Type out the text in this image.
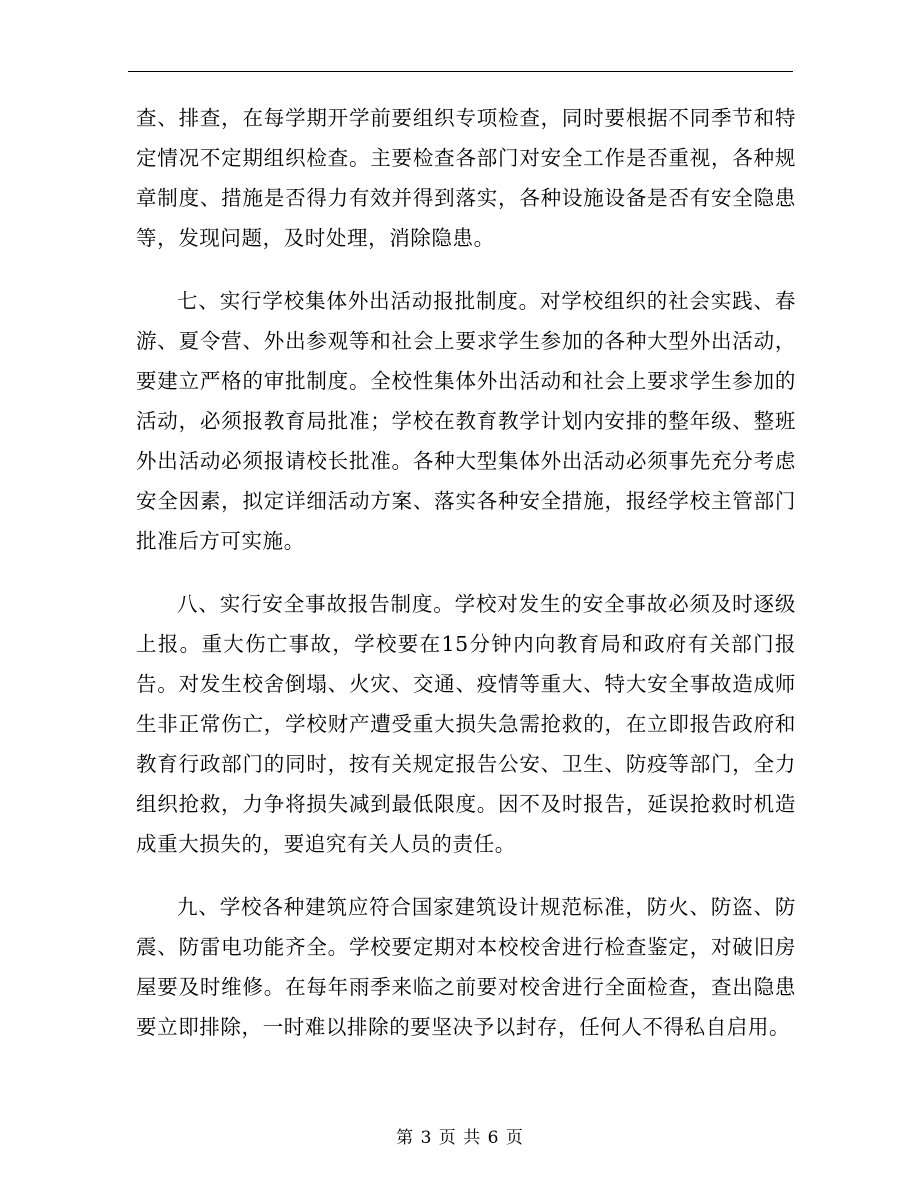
查、排查，在每学期开学前要组织专项检查，同时要根据不同季节和特定情况不定期组织检查。主要检查各部门对安全工作是否重视，各种规章制度、措施是否得力有效并得到落实，各种设施设备是否有安全隐患等，发现问题，及时处理，消除隐患。

七、实行学校集体外出活动报批制度。对学校组织的社会实践、春游、夏令营、外出参观等和社会上要求学生参加的各种大型外出活动，要建立严格的审批制度。全校性集体外出活动和社会上要求学生参加的活动，必须报教育局批准；学校在教育教学计划内安排的整年级、整班外出活动必须报请校长批准。各种大型集体外出活动必须事先充分考虑安全因素，拟定详细活动方案、落实各种安全措施，报经学校主管部门批准后方可实施。

八、实行安全事故报告制度。学校对发生的安全事故必须及时逐级上报。重大伤亡事故，学校要在15分钟内向教育局和政府有关部门报告。对发生校舍倒塌、火灾、交通、疫情等重大、特大安全事故造成师生非正常伤亡，学校财产遭受重大损失急需抢救的，在立即报告政府和教育行政部门的同时，按有关规定报告公安、卫生、防疫等部门，全力组织抢救，力争将损失减到最低限度。因不及时报告，延误抢救时机造成重大损失的，要追究有关人员的责任。

九、学校各种建筑应符合国家建筑设计规范标准，防火、防盗、防震、防雷电功能齐全。学校要定期对本校校舍进行检查鉴定，对破旧房屋要及时维修。在每年雨季来临之前要对校舍进行全面检查，查出隐患要立即排除，一时难以排除的要坚决予以封存，任何人不得私自启用。

第 3 页 共 6 页
